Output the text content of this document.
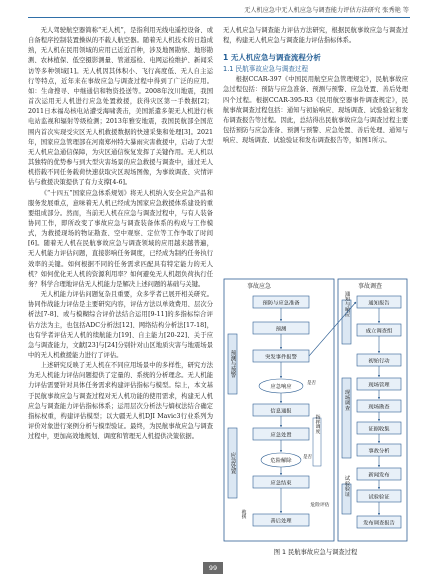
无人机应急中无人机应急与调查能力评估方法研究 张秀艳 等

无人驾驶航空器简称“无人机”，是指利用无线电遥控设备、或自备程序控制装置操纵的不载人航空器。随着无人机技术的日趋成熟，无人机在民用领域的应用已近近百种，涉及地图勘察、地形勘测、农林植保、低空摄影测量、管道巡检、电网运检维护、新闻采访等多种领域[1]。无人机因其体积小、飞行高度低、无人自主运行等特点，近年来在事故应急与调查过程中得到了广泛的应用。如：生命搜寻、中继通信和物资投送等。2008年汶川地震，我国首次运用无人机进行应急处置救援，获得灾区第一手数据[2]；2011日本福岛核电站遭受海啸袭击，美国派遣多架无人机进行核电站监视和辐射等级检测；2013年雅安地震，我国民航部全国范围内首次实现受灾区无人机救援数据的快速采集和处理[3]。2021年，国家应急管理部在河南郑州特大暴雨灾害救援中，启动了大型无人机应急通信保障，为灾区通信恢复发挥了关键作用。无人机以其独特的优势参与到大型灾害场景的应急救援与调查中，通过无人机搭载不同任务载荷快速获取灾区现场图像，为事故调查、灾情评估与救援决策提供了有力支撑[4-6]。

《“十四五”国家应急体系规划》将无人机纳入安全应急产品和服务发展重点，意味着无人机已经成为国家应急救援体系建设的重要组成部分。然而，当前无人机在应急与调查过程中，与有人装备协同工作，即所改变了事故应急与调查装备体系的构成与工作模式，为救援现场的物证勘查、空中观察、定位等工作争取了时间[6]。随着无人机在民航事故应急与调查领域的应用越来越普遍，无人机能力评估问题，直接影响任务调度，已经成为制约任务执行效率的关键。如何根据不同的任务需求匹配具有特定能力的无人机？如何优化无人机的资源利用率？如何避免无人机超负荷执行任务？科学合理地评估无人机能力是解决上述问题的基础与关键。

无人机能力评估问题复杂且重要，众多学者已展开相关研究。协同作战能力评估是主要研究内容，评估方法以单效费用、层次分析法[7-8]、或与模糊综合评价法结合运用[9-11]的多指标综合评估方法为主，也包括ADC分析法[12]、网络结构分析法[17-18]，也有学者评估无人机的续航能力[19]、自主能力[20-22]、关于应急与调查能力，文献[23]与[24]分别针对山区地质灾害与地震场景中的无人机救援能力进行了评估。

上述研究反映了无人机在不同应用场景中的多样性，研究方法为无人机能力评估问题提供了定量的、系统的分析理念。无人机能力评估需要针对具体任务需求构建评估指标与模型。综上，本文基于民航事故应急与调查过程对无人机功能的使用需求，构建无人机应急与调查能力评估指标体系；运用层次分析法与熵权法结合确定指标权重，构建评估模型；以大疆无人机DJI Mavic3行业系列为评价对象进行案例分析与模型验证。最终，为民航事故应急与调查过程中，更加高效地规划、调度和管理无人机提供决策依据。

无人机应急与调查能力评估方法研究，根据民航事故应急与调查过程，构建无人机应急与调查能力评估指标体系。

1 无人机应急与调查流程分析
1.1 民航事故应急与调查过程

根据CCAR-397《中国民用航空应急管理规定》，民航事故应急过程包括：预防与应急准备、预测与预警、应急处置、善后处理四个过程。根据CCAR-395-R3《民用航空器事件调查规定》，民航事故调查过程包括：通知与初始响应、现场调查、试验验证和发布调查报告等过程。因此，总结得出民航事故应急与调查过程主要包括预防与应急准备、预测与预警、应急处置、善后处理、通知与响应、现场调查、试验验证和发布调查报告等，如图1所示。

事故应急	事故调查
预测与预警
应急处置
预防与应急准备
预测
突发事件报警
应急响应
信息通报
应急处置
应急结束
危险解除
善后处理
指挥调度
救援
危险评估
是否
是否
通知报告
成立调查组
初始行动
现场管理
现场勘查
证据收集
事故分析
新闻发布
试验验证
发布调查报告
通知与响应
现场调查
试验验证
图 1 民航事故应急与调查过程
99
